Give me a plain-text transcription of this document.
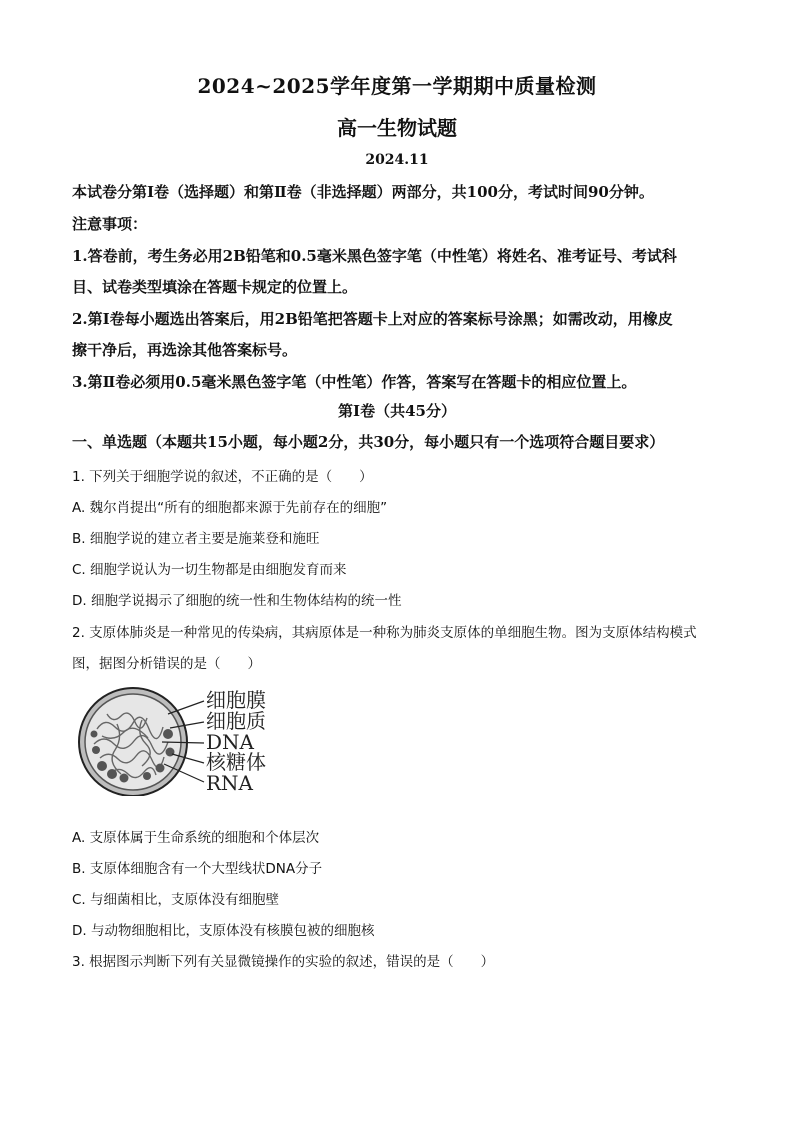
2024~2025学年度第一学期期中质量检测
高一生物试题
2024.11
本试卷分第Ⅰ卷（选择题）和第Ⅱ卷（非选择题）两部分，共100分，考试时间90分钟。
注意事项：
1.答卷前，考生务必用2B铅笔和0.5毫米黑色签字笔（中性笔）将姓名、准考证号、考试科
目、试卷类型填涂在答题卡规定的位置上。
2.第Ⅰ卷每小题选出答案后，用2B铅笔把答题卡上对应的答案标号涂黑；如需改动，用橡皮
擦干净后，再选涂其他答案标号。
3.第Ⅱ卷必须用0.5毫米黑色签字笔（中性笔）作答，答案写在答题卡的相应位置上。
第Ⅰ卷（共45分）
一、单选题（本题共15小题，每小题2分，共30分，每小题只有一个选项符合题目要求）
1. 下列关于细胞学说的叙述，不正确的是（　　）
A. 魏尔肖提出“所有的细胞都来源于先前存在的细胞”
B. 细胞学说的建立者主要是施莱登和施旺
C. 细胞学说认为一切生物都是由细胞发育而来
D. 细胞学说揭示了细胞的统一性和生物体结构的统一性
2. 支原体肺炎是一种常见的传染病，其病原体是一种称为肺炎支原体的单细胞生物。图为支原体结构模式
图，据图分析错误的是（　　）
细胞膜
细胞质
DNA
核糖体
RNA
A. 支原体属于生命系统的细胞和个体层次
B. 支原体细胞含有一个大型线状DNA分子
C. 与细菌相比，支原体没有细胞壁
D. 与动物细胞相比，支原体没有核膜包被的细胞核
3. 根据图示判断下列有关显微镜操作的实验的叙述，错误的是（　　）
